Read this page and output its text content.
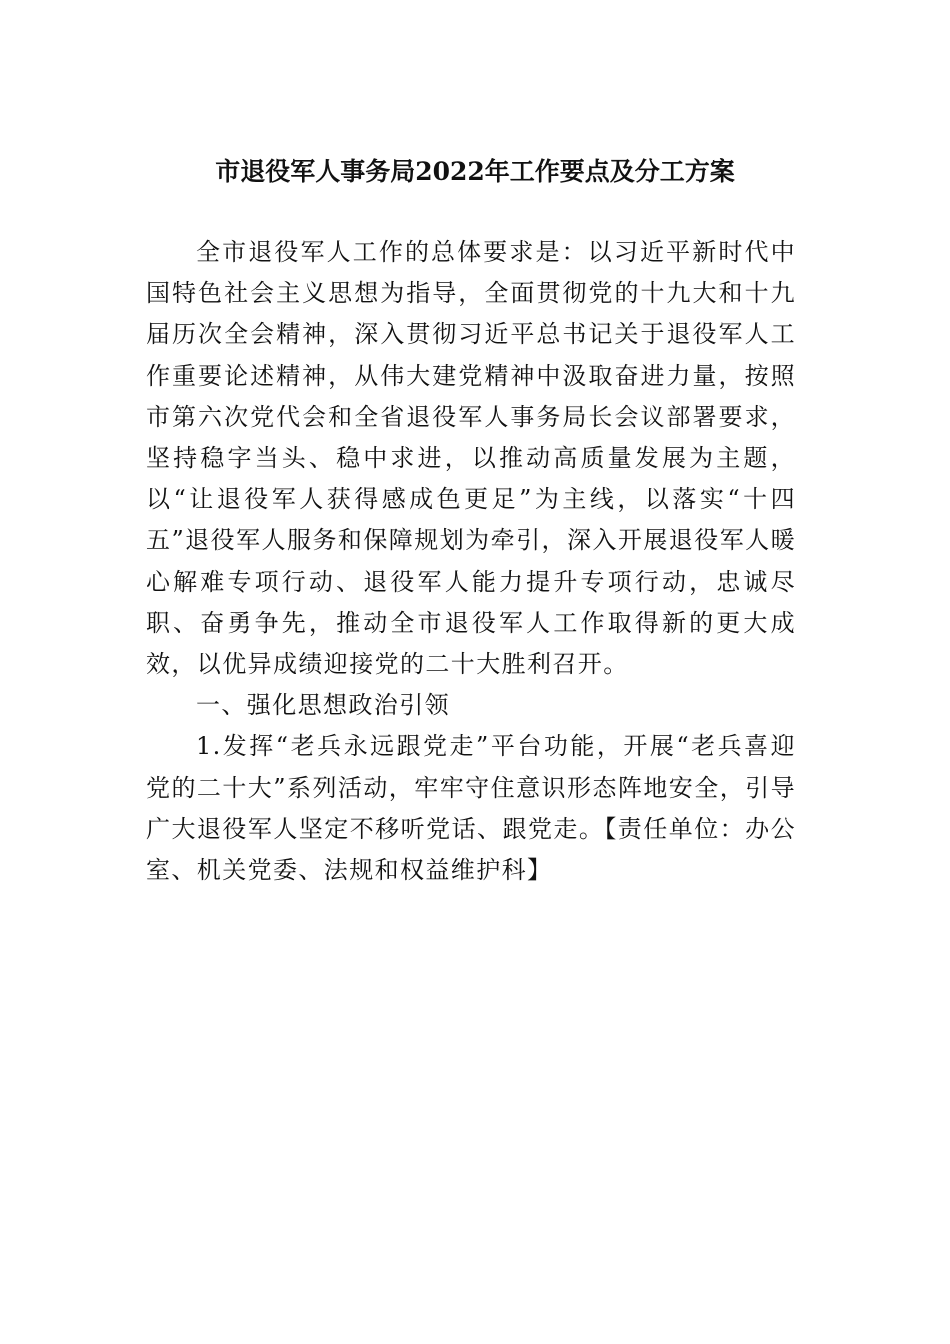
市退役军人事务局2022年工作要点及分工方案

全市退役军人工作的总体要求是：以习近平新时代中国特色社会主义思想为指导，全面贯彻党的十九大和十九届历次全会精神，深入贯彻习近平总书记关于退役军人工作重要论述精神，从伟大建党精神中汲取奋进力量，按照市第六次党代会和全省退役军人事务局长会议部署要求，坚持稳字当头、稳中求进，以推动高质量发展为主题，以“让退役军人获得感成色更足”为主线，以落实“十四五”退役军人服务和保障规划为牵引，深入开展退役军人暖心解难专项行动、退役军人能力提升专项行动，忠诚尽职、奋勇争先，推动全市退役军人工作取得新的更大成效，以优异成绩迎接党的二十大胜利召开。

一、强化思想政治引领

1.发挥“老兵永远跟党走”平台功能，开展“老兵喜迎党的二十大”系列活动，牢牢守住意识形态阵地安全，引导广大退役军人坚定不移听党话、跟党走。【责任单位：办公室、机关党委、法规和权益维护科】
